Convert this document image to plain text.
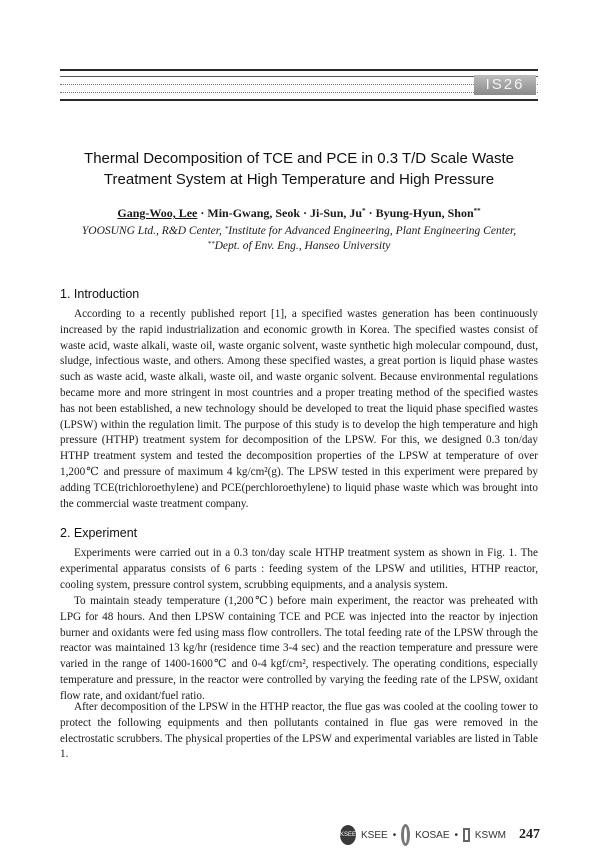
IS26
Thermal Decomposition of TCE and PCE in 0.3 T/D Scale Waste
Treatment System at High Temperature and High Pressure
Gang-Woo, Lee · Min-Gwang, Seok · Ji-Sun, Ju* · Byung-Hyun, Shon**
YOOSUNG Ltd., R&D Center, *Institute for Advanced Engineering, Plant Engineering Center,
**Dept. of Env. Eng., Hanseo University
1. Introduction
According to a recently published report [1], a specified wastes generation has been continuously increased by the rapid industrialization and economic growth in Korea. The specified wastes consist of waste acid, waste alkali, waste oil, waste organic solvent, waste synthetic high molecular compound, dust, sludge, infectious waste, and others. Among these specified wastes, a great portion is liquid phase wastes such as waste acid, waste alkali, waste oil, and waste organic solvent. Because environmental regulations became more and more stringent in most countries and a proper treating method of the specified wastes has not been established, a new technology should be developed to treat the liquid phase specified wastes (LPSW) within the regulation limit. The purpose of this study is to develop the high temperature and high pressure (HTHP) treatment system for decomposition of the LPSW. For this, we designed 0.3 ton/day HTHP treatment system and tested the decomposition properties of the LPSW at temperature of over 1,200℃ and pressure of maximum 4 kg/cm²(g). The LPSW tested in this experiment were prepared by adding TCE(trichloroethylene) and PCE(perchloroethylene) to liquid phase waste which was brought into the commercial waste treatment company.
2. Experiment
Experiments were carried out in a 0.3 ton/day scale HTHP treatment system as shown in Fig. 1. The experimental apparatus consists of 6 parts : feeding system of the LPSW and utilities, HTHP reactor, cooling system, pressure control system, scrubbing equipments, and a analysis system.
To maintain steady temperature (1,200℃) before main experiment, the reactor was preheated with LPG for 48 hours. And then LPSW containing TCE and PCE was injected into the reactor by injection burner and oxidants were fed using mass flow controllers. The total feeding rate of the LPSW through the reactor was maintained 13 kg/hr (residence time 3-4 sec) and the reaction temperature and pressure were varied in the range of 1400-1600℃ and 0-4 kgf/cm², respectively. The operating conditions, especially temperature and pressure, in the reactor were controlled by varying the feeding rate of the LPSW, oxidant flow rate, and oxidant/fuel ratio.
After decomposition of the LPSW in the HTHP reactor, the flue gas was cooled at the cooling tower to protect the following equipments and then pollutants contained in flue gas were removed in the electrostatic scrubbers. The physical properties of the LPSW and experimental variables are listed in Table 1.
KSEE KSEE • KOSAE • KSWM 247
